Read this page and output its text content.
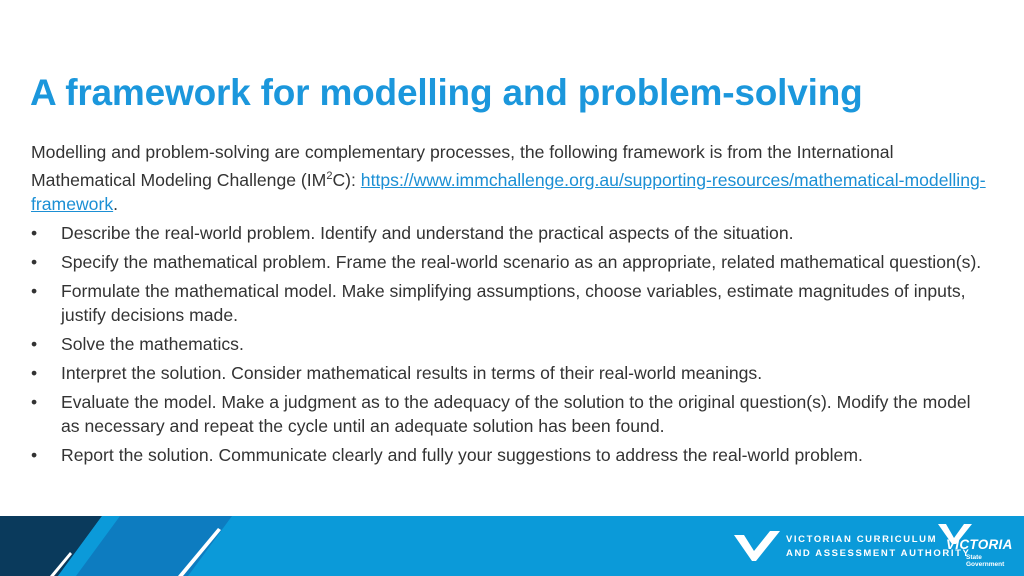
A framework for modelling and problem-solving

Modelling and problem-solving are complementary processes, the following framework is from the International Mathematical Modeling Challenge $(IM^2C)$: https://www.immchallenge.org.au/supporting-resources/mathematical-modelling-framework.

•	Describe the real-world problem. Identify and understand the practical aspects of the situation.
•	Specify the mathematical problem. Frame the real-world scenario as an appropriate, related mathematical question(s).
•	Formulate the mathematical model. Make simplifying assumptions, choose variables, estimate magnitudes of inputs, justify decisions made.
•	Solve the mathematics.
•	Interpret the solution. Consider mathematical results in terms of their real-world meanings.
•	Evaluate the model. Make a judgment as to the adequacy of the solution to the original question(s). Modify the model as necessary and repeat the cycle until an adequate solution has been found.
•	Report the solution. Communicate clearly and fully your suggestions to address the real-world problem.
VICTORIAN CURRICULUM
AND ASSESSMENT AUTHORITY
VICTORIA
State
Government
